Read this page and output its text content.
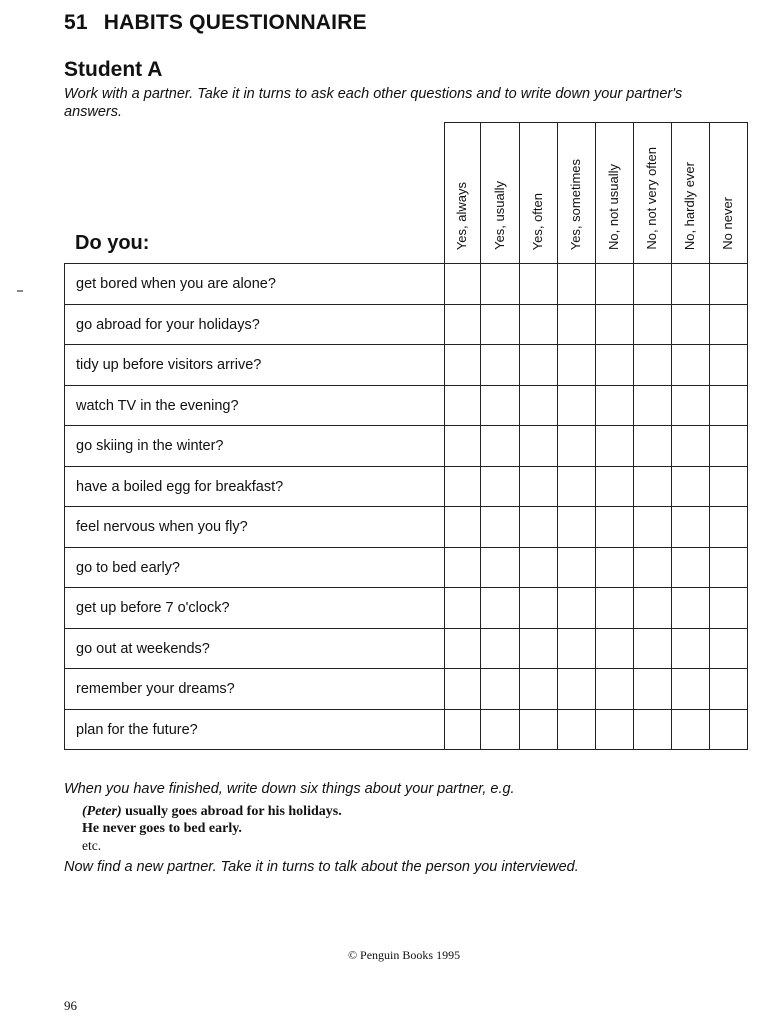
51 HABITS QUESTIONNAIRE
Student A
Work with a partner. Take it in turns to ask each other questions and to write down your partner's answers.
Yes, always Yes, usually Yes, often Yes, sometimes No, not usually No, not very often No, hardly ever No never
get bored when you are alone?
go abroad for your holidays?
tidy up before visitors arrive?
watch TV in the evening?
go skiing in the winter?
have a boiled egg for breakfast?
feel nervous when you fly?
go to bed early?
get up before 7 o'clock?
go out at weekends?
remember your dreams?
plan for the future?
Do you:
When you have finished, write down six things about your partner, e.g.
(Peter) usually goes abroad for his holidays.
He never goes to bed early.
etc.
Now find a new partner. Take it in turns to talk about the person you interviewed.
© Penguin Books 1995
96
